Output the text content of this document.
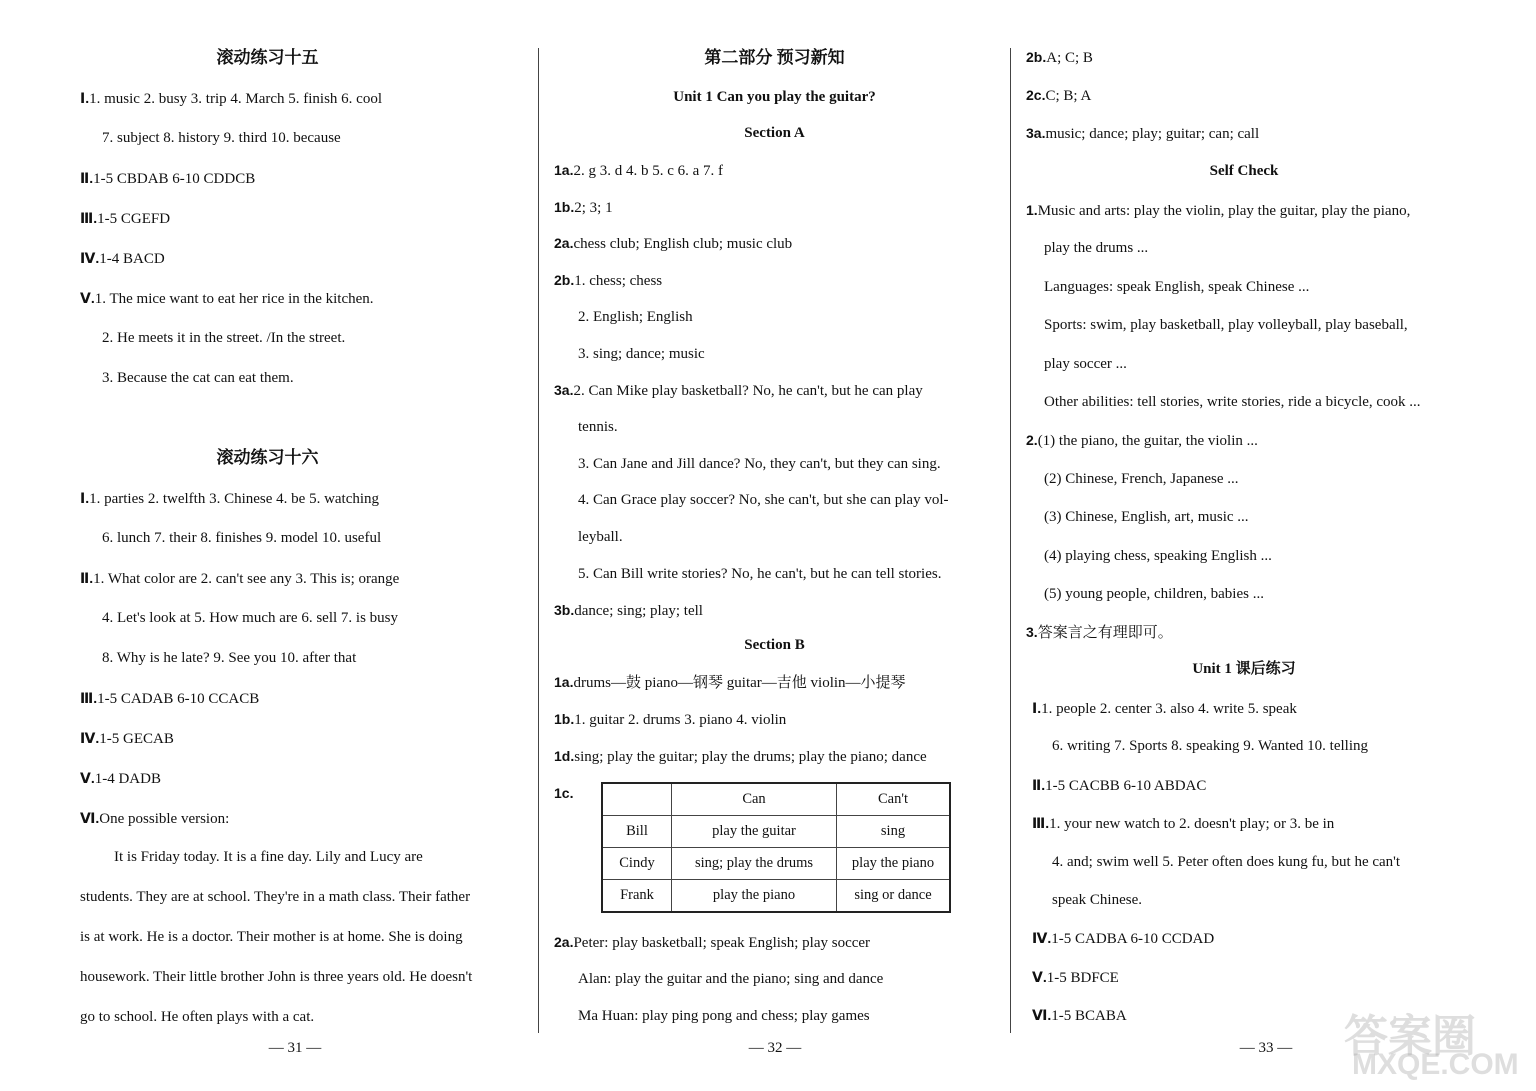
滚动练习十五
Ⅰ.1. music 2. busy 3. trip 4. March 5. finish 6. cool
7. subject 8. history 9. third 10. because
Ⅱ.1-5 CBDAB 6-10 CDDCB
Ⅲ.1-5 CGEFD
Ⅳ.1-4 BACD
Ⅴ.1. The mice want to eat her rice in the kitchen.
2. He meets it in the street. /In the street.
3. Because the cat can eat them.
滚动练习十六
Ⅰ.1. parties 2. twelfth 3. Chinese 4. be 5. watching
6. lunch 7. their 8. finishes 9. model 10. useful
Ⅱ.1. What color are 2. can't see any 3. This is; orange
4. Let's look at 5. How much are 6. sell 7. is busy
8. Why is he late? 9. See you 10. after that
Ⅲ.1-5 CADAB 6-10 CCACB
Ⅳ.1-5 GECAB
Ⅴ.1-4 DADB
Ⅵ.One possible version:
It is Friday today. It is a fine day. Lily and Lucy are
students. They are at school. They're in a math class. Their father
is at work. He is a doctor. Their mother is at home. She is doing
housework. Their little brother John is three years old. He doesn't
go to school. He often plays with a cat.
— 31 —
第二部分 预习新知
Unit 1 Can you play the guitar?
Section A
1a.2. g 3. d 4. b 5. c 6. a 7. f
1b.2; 3; 1
2a.chess club; English club; music club
2b.1. chess; chess
2. English; English
3. sing; dance; music
3a.2. Can Mike play basketball? No, he can't, but he can play
tennis.
3. Can Jane and Jill dance? No, they can't, but they can sing.
4. Can Grace play soccer? No, she can't, but she can play vol-
leyball.
5. Can Bill write stories? No, he can't, but he can tell stories.
3b.dance; sing; play; tell
Section B
1a.drums—鼓 piano—钢琴 guitar—吉他 violin—小提琴
1b.1. guitar 2. drums 3. piano 4. violin
1d.sing; play the guitar; play the drums; play the piano; dance
1c.
		Can	Can't
Bill	play the guitar	sing
Cindy	sing; play the drums	play the piano
Frank	play the piano	sing or dance
2a.Peter: play basketball; speak English; play soccer
Alan: play the guitar and the piano; sing and dance
Ma Huan: play ping pong and chess; play games
— 32 —
2b.A; C; B
2c.C; B; A
3a.music; dance; play; guitar; can; call
Self Check
1.Music and arts: play the violin, play the guitar, play the piano,
play the drums ...
Languages: speak English, speak Chinese ...
Sports: swim, play basketball, play volleyball, play baseball,
play soccer ...
Other abilities: tell stories, write stories, ride a bicycle, cook ...
2.(1) the piano, the guitar, the violin ...
(2) Chinese, French, Japanese ...
(3) Chinese, English, art, music ...
(4) playing chess, speaking English ...
(5) young people, children, babies ...
3.答案言之有理即可。
Unit 1 课后练习
Ⅰ.1. people 2. center 3. also 4. write 5. speak
6. writing 7. Sports 8. speaking 9. Wanted 10. telling
Ⅱ.1-5 CACBB 6-10 ABDAC
Ⅲ.1. your new watch to 2. doesn't play; or 3. be in
4. and; swim well 5. Peter often does kung fu, but he can't
speak Chinese.
Ⅳ.1-5 CADBA 6-10 CCDAD
Ⅴ.1-5 BDFCE
Ⅵ.1-5 BCABA
— 33 —	答案圈
MXQE.COM
